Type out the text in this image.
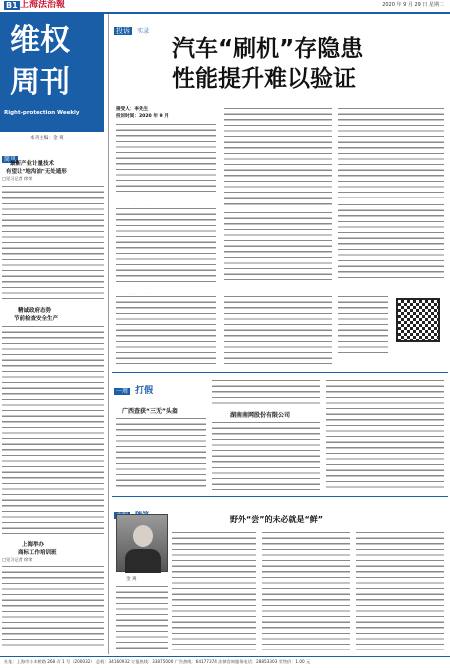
B1 上海法治報	2020 年 9 月 29 日 星期二
维权
周刊
Right-protection Weekly
本刊主编：金 爽
简讯
最新产业计量技术
有望让"地沟油"无处遁形
□见习记者 徐荣
精诚政府态势
节前检查安全生产
上海举办
商标工作培训班
□见习记者 徐荣
投诉 实录
汽车“刷机”存隐患
性能提升难以验证
接受人：李先生
投诉时间：2020 年 9 月
一周 打假
广西查获“三无”头盔
湖南南网股份有限公司
野外“尝”的未必就是“鲜”
金 爽
社址：上海市小木桥路 268 弄 1 号（200032） 总机：34160932 订报热线：33875000 广告热线：64177374 法律咨询服务电话：28853303 零售价：1.00 元
